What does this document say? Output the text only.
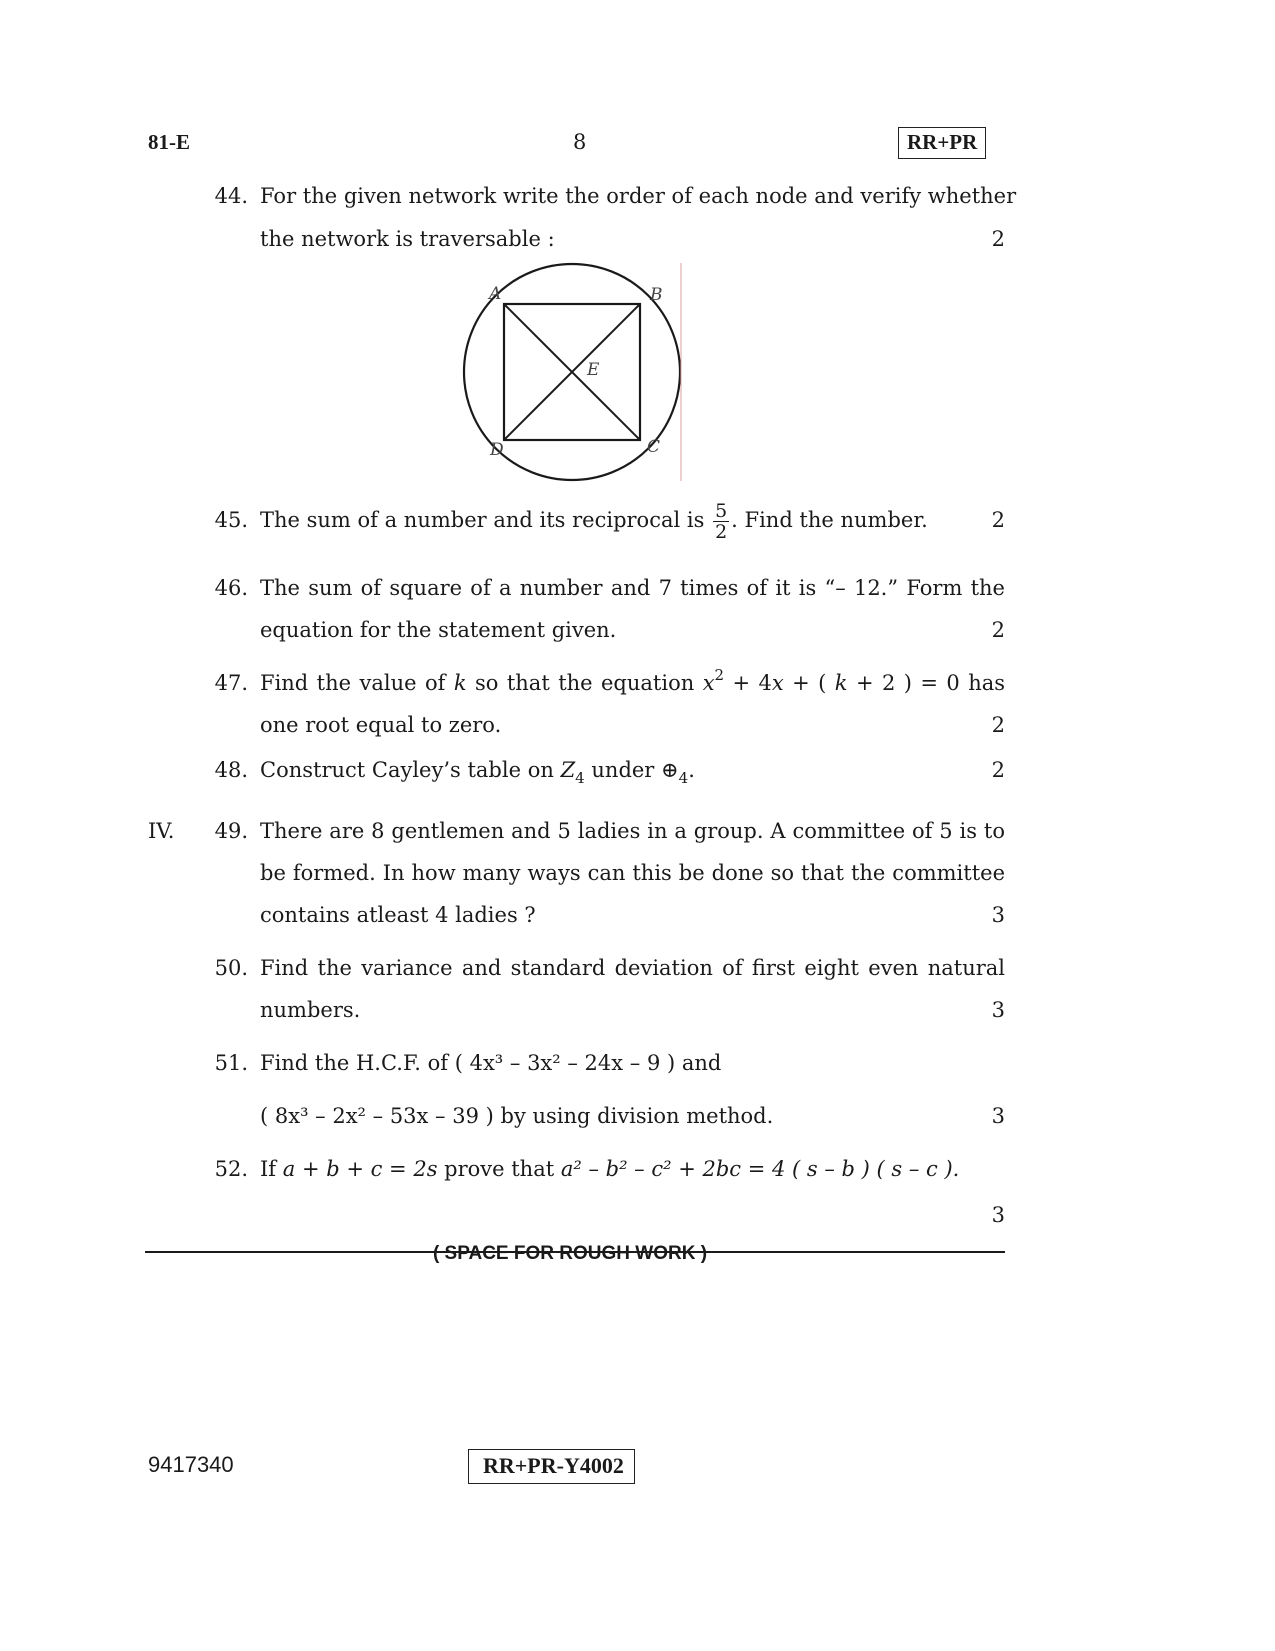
81-E	8	RR+PR
44. For the given network write the order of each node and verify whether
the network is traversable :	2
A	B
E
D	C
45. The sum of a number and its reciprocal is $\frac{5}{2}$ . Find the number.	2
46. The sum of square of a number and 7 times of it is “– 12.” Form the
equation for the statement given.	2
47. Find the value of k so that the equation $x^2 + 4x$ + ( k + 2 ) = 0 has
one root equal to zero.	2
48. Construct Cayley’s table on $Z_4$ under $\oplus_4$.	2
IV.	49. There are 8 gentlemen and 5 ladies in a group. A committee of 5 is to
be formed. In how many ways can this be done so that the committee
contains atleast 4 ladies ?	3
50. Find the variance and standard deviation of first eight even natural
numbers.	3
51. Find the H.C.F. of ( 4x³ – 3x² – 24x – 9 ) and
( 8x³ – 2x² – 53x – 39 ) by using division method.	3
52. If a + b + c = 2s prove that a² – b² – c² + 2bc = 4 ( s – b ) ( s – c ).
3
( SPACE FOR ROUGH WORK )
9417340	RR+PR-Y4002
